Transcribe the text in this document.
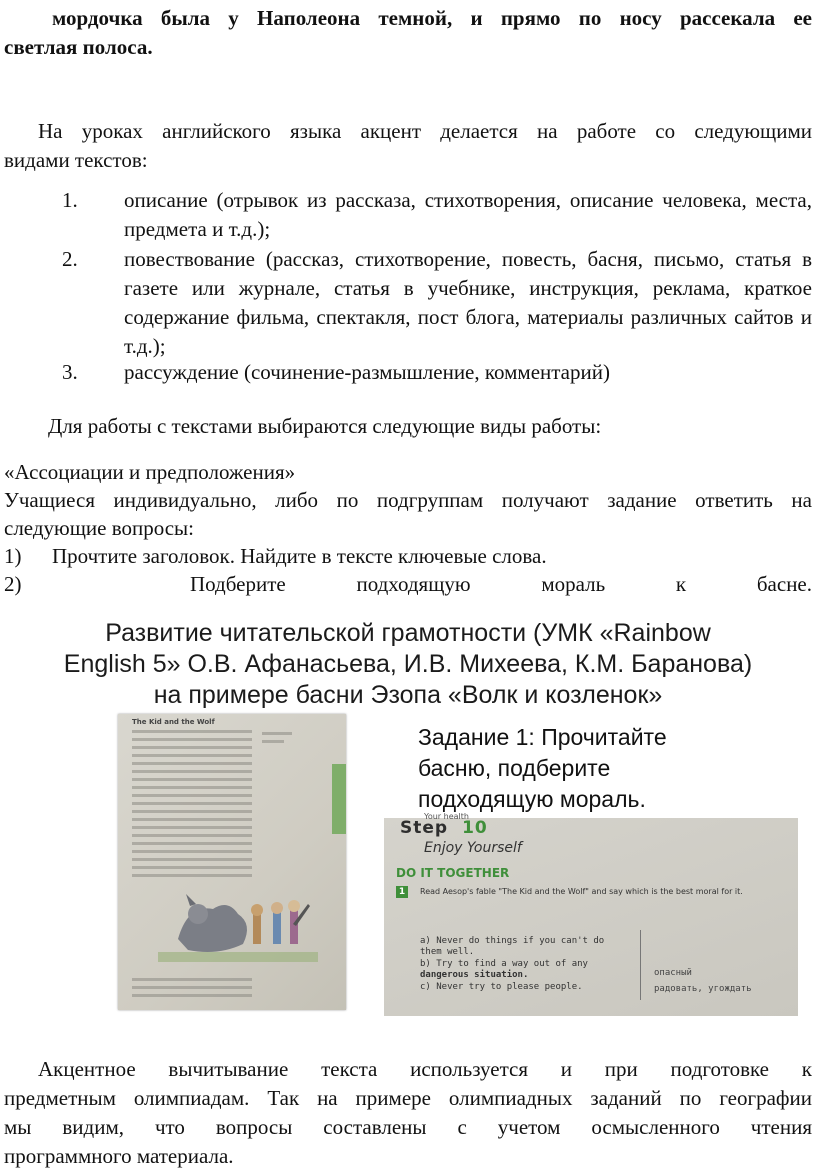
мордочка была у Наполеона темной, и прямо по носу рассекала ее
светлая полоса.
На уроках английского языка акцент делается на работе со следующими
видами текстов:
1. описание (отрывок из рассказа, стихотворения, описание человека, места, предмета и т.д.);
2. повествование (рассказ, стихотворение, повесть, басня, письмо, статья в газете или журнале, статья в учебнике, инструкция, реклама, краткое содержание фильма, спектакля, пост блога, материалы различных сайтов и т.д.);
3. рассуждение (сочинение-размышление, комментарий)
Для работы с текстами выбираются следующие виды работы:
«Ассоциации и предположения»
Учащиеся индивидуально, либо по подгруппам получают задание ответить на
следующие вопросы:
1) Прочтите заголовок. Найдите в тексте ключевые слова.
2)	Подберите подходящую мораль к басне.
Развитие читательской грамотности (УМК «Rainbow
English 5» О.В. Афанасьева, И.В. Михеева, К.М. Баранова)
на примере басни Эзопа «Волк и козленок»
The Kid and the Wolf
Задание 1: Прочитайте
басню, подберите
подходящую мораль.
Your health
Step 10
Enjoy Yourself
DO IT TOGETHER
1	Read Aesop's fable "The Kid and the Wolf" and say which is the best moral for it.
a) Never do things if you can't do
them well.
b) Try to find a way out of any
dangerous situation.
c) Never try to please people.
опасный
радовать, угождать
Акцентное вычитывание текста используется и при подготовке к
предметным олимпиадам. Так на примере олимпиадных заданий по географии
мы видим, что вопросы составлены с учетом осмысленного чтения
программного материала.
